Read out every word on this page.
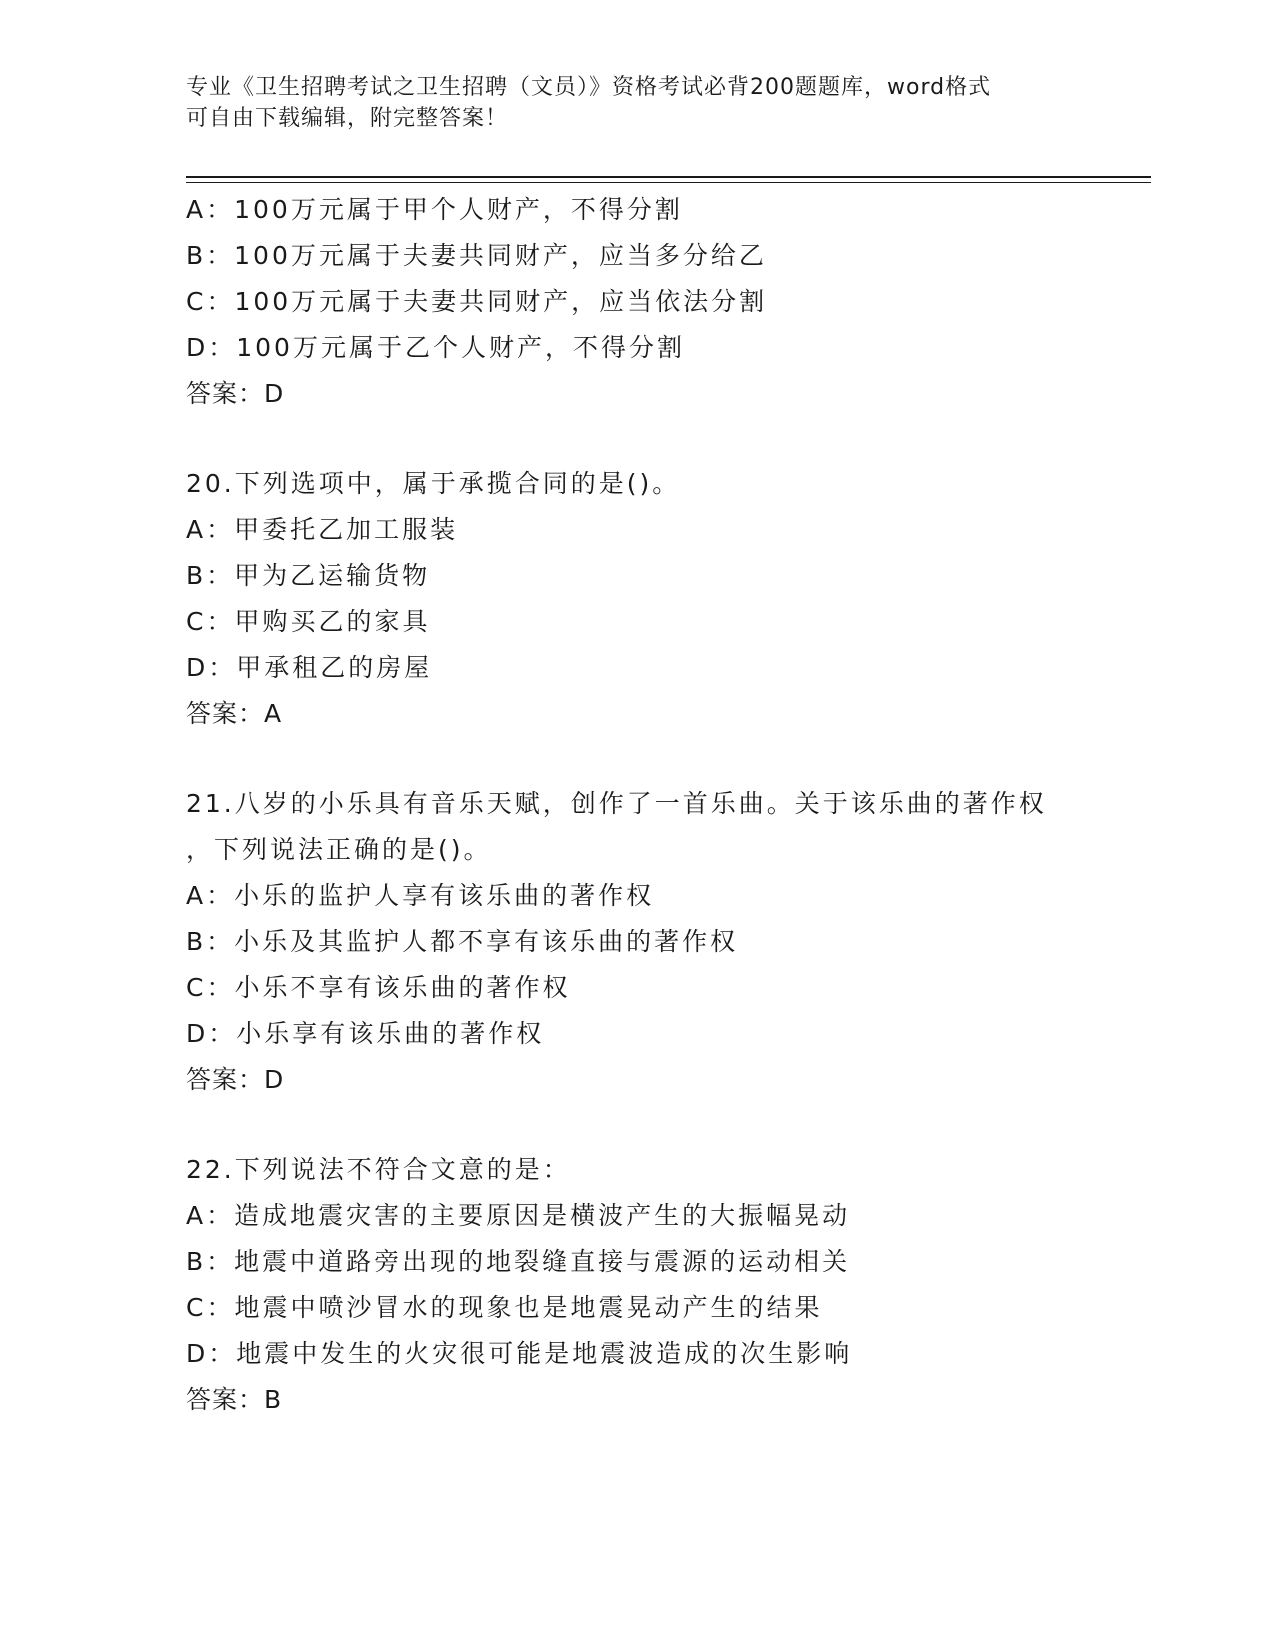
专业《卫生招聘考试之卫生招聘（文员）》资格考试必背200题题库，word格式
可自由下载编辑，附完整答案！
A：100万元属于甲个人财产，不得分割
B：100万元属于夫妻共同财产，应当多分给乙
C：100万元属于夫妻共同财产，应当依法分割
D：100万元属于乙个人财产，不得分割
答案：D
20.下列选项中，属于承揽合同的是()。
A：甲委托乙加工服装
B：甲为乙运输货物
C：甲购买乙的家具
D：甲承租乙的房屋
答案：A
21.八岁的小乐具有音乐天赋，创作了一首乐曲。关于该乐曲的著作权
，下列说法正确的是()。
A：小乐的监护人享有该乐曲的著作权
B：小乐及其监护人都不享有该乐曲的著作权
C：小乐不享有该乐曲的著作权
D：小乐享有该乐曲的著作权
答案：D
22.下列说法不符合文意的是：
A：造成地震灾害的主要原因是横波产生的大振幅晃动
B：地震中道路旁出现的地裂缝直接与震源的运动相关
C：地震中喷沙冒水的现象也是地震晃动产生的结果
D：地震中发生的火灾很可能是地震波造成的次生影响
答案：B
